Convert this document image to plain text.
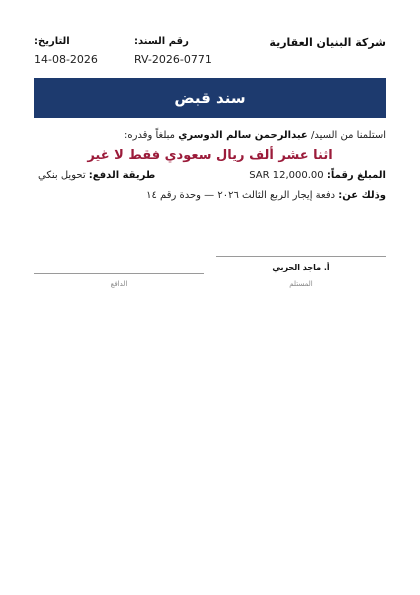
شركة البنيان العقارية
رقم السند:
RV-2026-0771
التاريخ:
14-08-2026
سند قبض
استلمنا من السيد/ عبدالرحمن سالم الدوسري مبلغاً وقدره:
اثنا عشر ألف ريال سعودي فقط لا غير
المبلغ رقماً: SAR 12,000.00
طريقة الدفع: تحويل بنكي
وذلك عن: دفعة إيجار الربع الثالث ٢٠٢٦ — وحدة رقم ١٤
أ. ماجد الحربي
المستلم
الدافع
